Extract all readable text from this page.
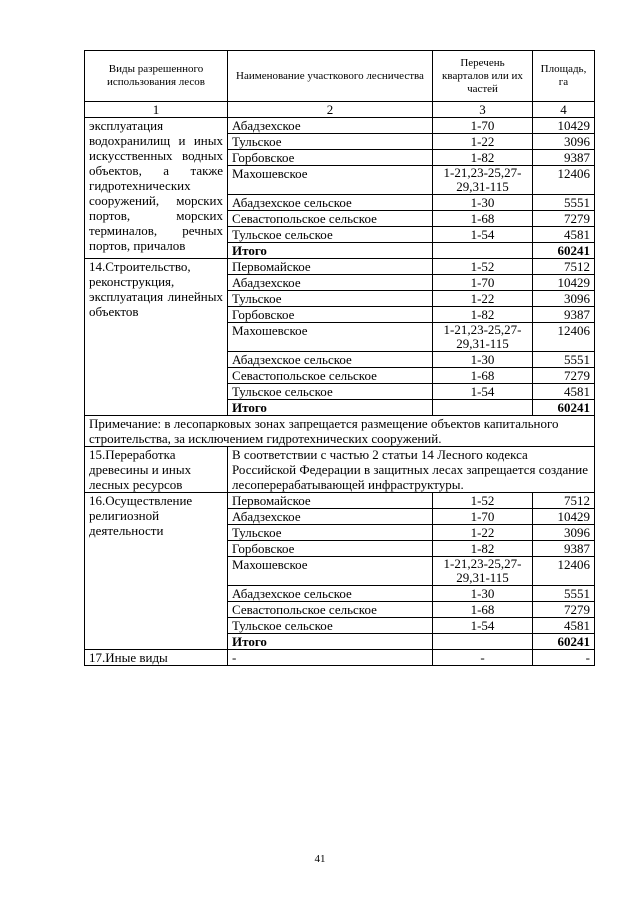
Виды разрешенного использования лесов	Наименование участкового лесничества	Перечень кварталов или их частей	Площадь, га
1	2	3	4
эксплуатация водохранилищ и иных искусственных водных объектов, а также гидротехнических сооружений, морских портов, морских терминалов, речных портов, причалов	Абадзехское	1-70	10429
	Тульское	1-22	3096
	Горбовское	1-82	9387
	Махошевское	1-21,23-25,27-29,31-115	12406
	Абадзехское сельское	1-30	5551
	Севастопольское сельское	1-68	7279
	Тульское сельское	1-54	4581
	Итого		60241
14.Строительство, реконструкция, эксплуатация линейных объектов	Первомайское	1-52	7512
	Абадзехское	1-70	10429
	Тульское	1-22	3096
	Горбовское	1-82	9387
	Махошевское	1-21,23-25,27-29,31-115	12406
	Абадзехское сельское	1-30	5551
	Севастопольское сельское	1-68	7279
	Тульское сельское	1-54	4581
	Итого		60241
Примечание: в лесопарковых зонах запрещается размещение объектов капитального строительства, за исключением гидротехнических сооружений.			
15.Переработка древесины и иных лесных ресурсов	В соответствии с частью 2 статьи 14 Лесного кодекса Российской Федерации в защитных лесах запрещается создание лесоперерабатывающей инфраструктуры.		
16.Осуществление религиозной деятельности	Первомайское	1-52	7512
	Абадзехское	1-70	10429
	Тульское	1-22	3096
	Горбовское	1-82	9387
	Махошевское	1-21,23-25,27-29,31-115	12406
	Абадзехское сельское	1-30	5551
	Севастопольское сельское	1-68	7279
	Тульское сельское	1-54	4581
	Итого		60241
17.Иные виды	-	-	-
41
